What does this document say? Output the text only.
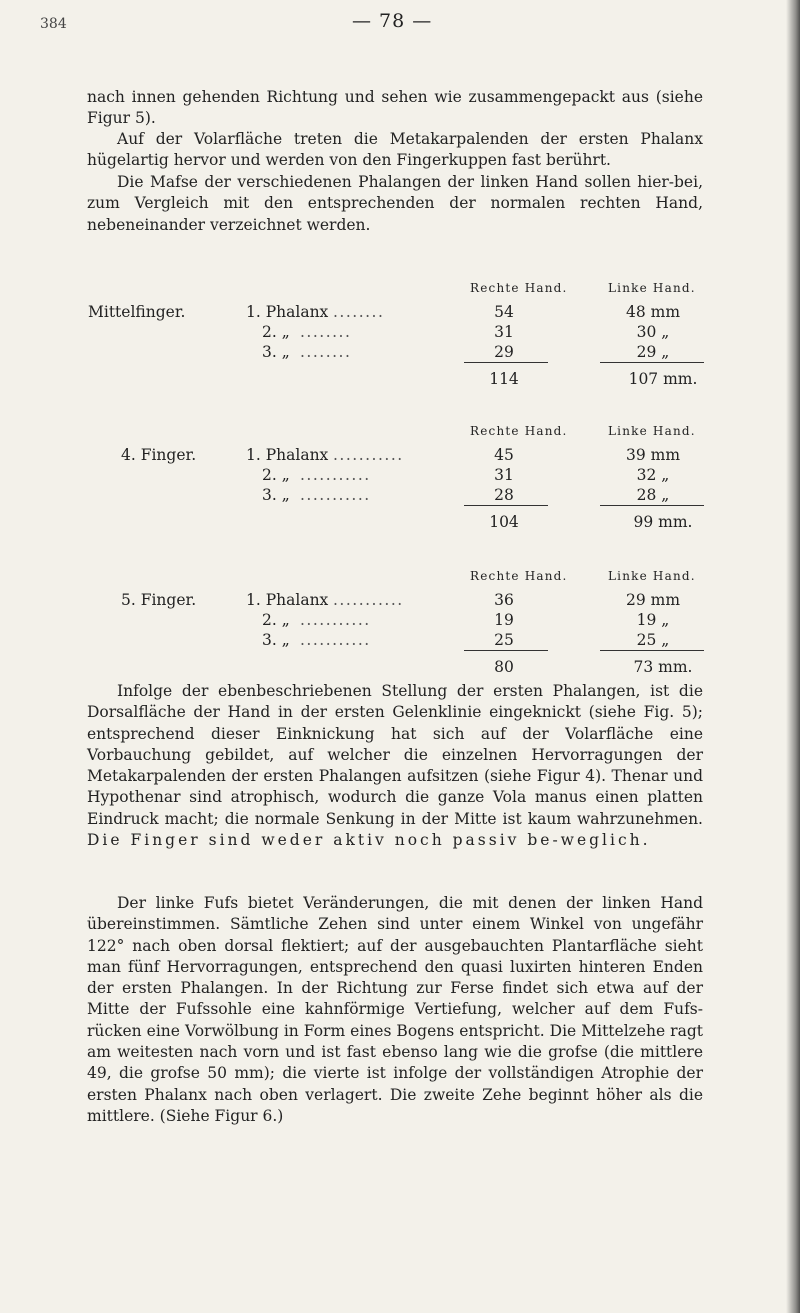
384	— 78 —

nach innen gehenden Richtung und sehen wie zusammengepackt aus (siehe Figur 5).

Auf der Volarfläche treten die Metakarpalenden der ersten Phalanx hügelartig hervor und werden von den Fingerkuppen fast berührt.

Die Mafse der verschiedenen Phalangen der linken Hand sollen hier-bei, zum Vergleich mit den entsprechenden der normalen rechten Hand, nebeneinander verzeichnet werden.

Rechte Hand.	Linke Hand.
Mittelfinger.	1. Phalanx ........	54	48 mm
2. „ ........	31	30 „
3. „ ........	29	29 „
114	107 mm.
Rechte Hand.	Linke Hand.
4. Finger.	1. Phalanx ...........	45	39 mm
2. „ ...........	31	32 „
3. „ ...........	28	28 „
104	99 mm.
Rechte Hand.	Linke Hand.
5. Finger.	1. Phalanx ...........	36	29 mm
2. „ ...........	19	19 „
3. „ ...........	25	25 „
80	73 mm.

Infolge der ebenbeschriebenen Stellung der ersten Phalangen, ist die Dorsalfläche der Hand in der ersten Gelenklinie eingeknickt (siehe Fig. 5); entsprechend dieser Einknickung hat sich auf der Volarfläche eine Vorbauchung gebildet, auf welcher die einzelnen Hervorragungen der Metakarpalenden der ersten Phalangen aufsitzen (siehe Figur 4). Thenar und Hypothenar sind atrophisch, wodurch die ganze Vola manus einen platten Eindruck macht; die normale Senkung in der Mitte ist kaum wahrzunehmen. Die Finger sind weder aktiv noch passiv be-weglich.

Der linke Fufs bietet Veränderungen, die mit denen der linken Hand übereinstimmen. Sämtliche Zehen sind unter einem Winkel von ungefähr 122° nach oben dorsal flektiert; auf der ausgebauchten Plantarfläche sieht man fünf Hervorragungen, entsprechend den quasi luxirten hinteren Enden der ersten Phalangen. In der Richtung zur Ferse findet sich etwa auf der Mitte der Fufssohle eine kahnförmige Vertiefung, welcher auf dem Fufs-rücken eine Vorwölbung in Form eines Bogens entspricht. Die Mittelzehe ragt am weitesten nach vorn und ist fast ebenso lang wie die grofse (die mittlere 49, die grofse 50 mm); die vierte ist infolge der vollständigen Atrophie der ersten Phalanx nach oben verlagert. Die zweite Zehe beginnt höher als die mittlere. (Siehe Figur 6.)
